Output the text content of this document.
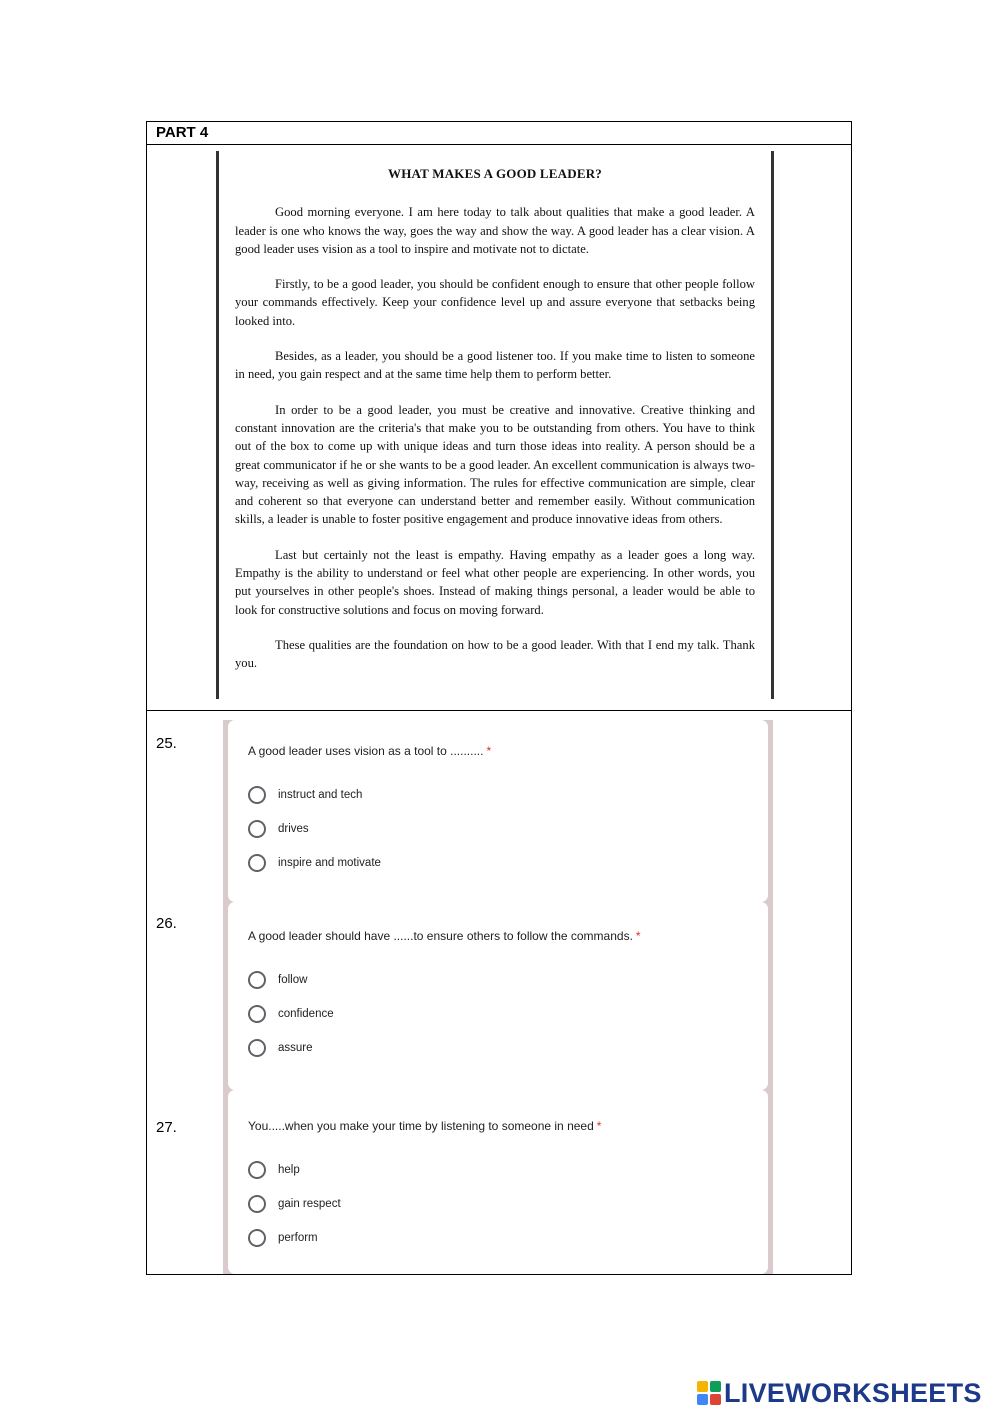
PART 4
WHAT MAKES A GOOD LEADER?

Good morning everyone. I am here today to talk about qualities that make a good leader. A leader is one who knows the way, goes the way and show the way. A good leader has a clear vision. A good leader uses vision as a tool to inspire and motivate not to dictate.

Firstly, to be a good leader, you should be confident enough to ensure that other people follow your commands effectively. Keep your confidence level up and assure everyone that setbacks being looked into.

Besides, as a leader, you should be a good listener too. If you make time to listen to someone in need, you gain respect and at the same time help them to perform better.

In order to be a good leader, you must be creative and innovative. Creative thinking and constant innovation are the criteria's that make you to be outstanding from others. You have to think out of the box to come up with unique ideas and turn those ideas into reality. A person should be a great communicator if he or she wants to be a good leader. An excellent communication is always two-way, receiving as well as giving information. The rules for effective communication are simple, clear and coherent so that everyone can understand better and remember easily. Without communication skills, a leader is unable to foster positive engagement and produce innovative ideas from others.

Last but certainly not the least is empathy. Having empathy as a leader goes a long way. Empathy is the ability to understand or feel what other people are experiencing. In other words, you put yourselves in other people's shoes. Instead of making things personal, a leader would be able to look for constructive solutions and focus on moving forward.

These qualities are the foundation on how to be a good leader. With that I end my talk. Thank you.

25.	A good leader uses vision as a tool to .......... *
instruct and tech
drives
inspire and motivate
26.
A good leader should have ......to ensure others to follow the commands. *
follow
confidence
assure
27.	You.....when you make your time by listening to someone in need *
help
gain respect
perform
LIVEWORKSHEETS
